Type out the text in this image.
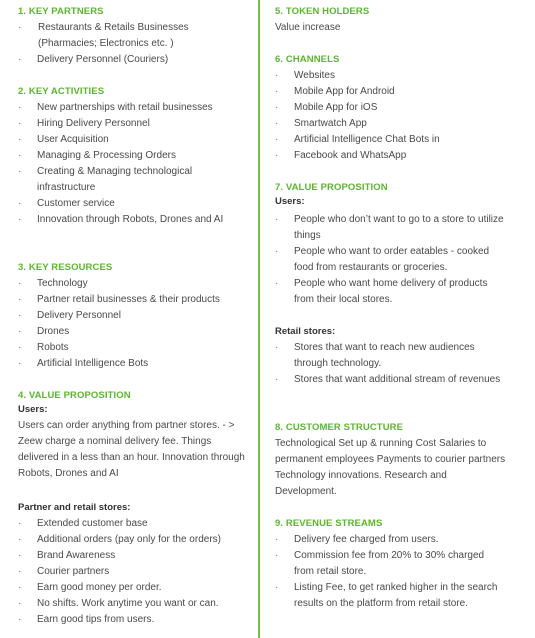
1. KEY PARTNERS
·	Restaurants & Retails Businesses (Pharmacies; Electronics etc. )
·	Delivery Personnel (Couriers)
2. KEY ACTIVITIES
·	New partnerships with retail businesses
·	Hiring Delivery Personnel
·	User Acquisition
·	Managing & Processing Orders
·	Creating & Managing technological infrastructure
·	Customer service
·	Innovation through Robots, Drones and AI
3. KEY RESOURCES
·	Technology
·	Partner retail businesses & their products
·	Delivery Personnel
·	Drones
·	Robots
·	Artificial Intelligence Bots
4. VALUE PROPOSITION
Users:
Users can order anything from partner stores. - > Zeew charge a nominal delivery fee. Things delivered in a less than an hour. Innovation through Robots, Drones and AI
Partner and retail stores:
·	Extended customer base
·	Additional orders (pay only for the orders)
·	Brand Awareness
·	Courier partners
·	Earn good money per order.
·	No shifts. Work anytime you want or can.
·	Earn good tips from users.
5. TOKEN HOLDERS
Value increase
6. CHANNELS
·	Websites
·	Mobile App for Android
·	Mobile App for iOS
·	Smartwatch App
·	Artificial Intelligence Chat Bots in
·	Facebook and WhatsApp
7. VALUE PROPOSITION
Users:
·	People who don’t want to go to a store to utilize things
·	People who want to order eatables - cooked food from restaurants or groceries.
·	People who want home delivery of products from their local stores.
Retail stores:
·	Stores that want to reach new audiences through technology.
·	Stores that want additional stream of revenues
8. CUSTOMER STRUCTURE
Technological Set up & running Cost Salaries to permanent employees Payments to courier partners Technology innovations. Research and Development.
9. REVENUE STREAMS
·	Delivery fee charged from users.
·	Commission fee from 20% to 30% charged from retail store.
·	Listing Fee, to get ranked higher in the search results on the platform from retail store.
